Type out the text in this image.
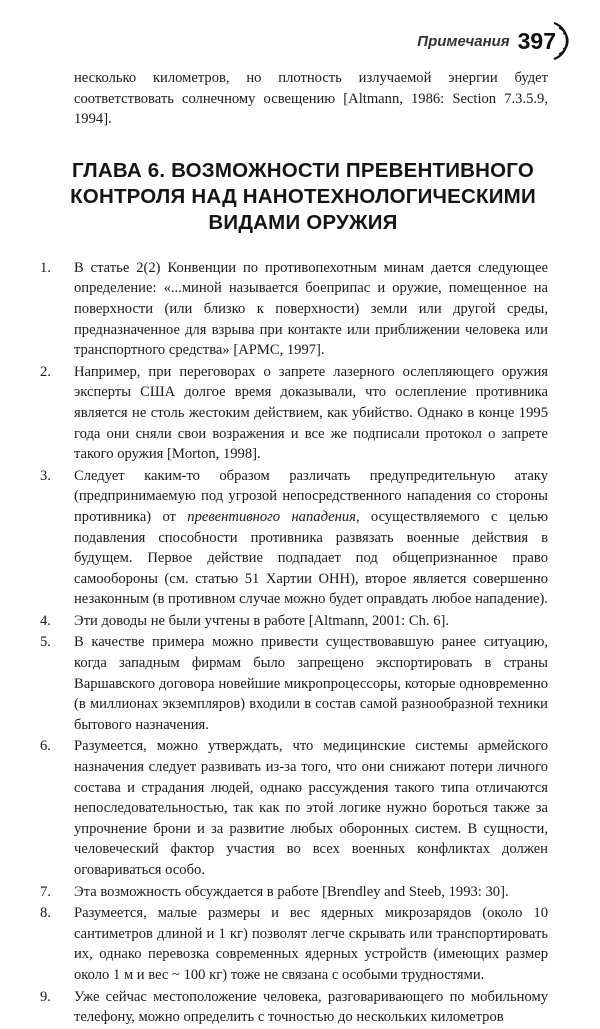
Примечания 397

несколько километров, но плотность излучаемой энергии будет соответствовать солнечному освещению [Altmann, 1986: Section 7.3.5.9, 1994].

ГЛАВА 6. ВОЗМОЖНОСТИ ПРЕВЕНТИВНОГО КОНТРОЛЯ НАД НАНОТЕХНОЛОГИЧЕСКИМИ ВИДАМИ ОРУЖИЯ
1.	В статье 2(2) Конвенции по противопехотным минам дается следующее определение: «...миной называется боеприпас и оружие, помещенное на поверхности (или близко к поверхности) земли или другой среды, предназначенное для взрыва при контакте или приближении человека или транспортного средства» [АРМС, 1997].
2.	Например, при переговорах о запрете лазерного ослепляющего оружия эксперты США долгое время доказывали, что ослепление противника является не столь жестоким действием, как убийство. Однако в конце 1995 года они сняли свои возражения и все же подписали протокол о запрете такого оружия [Morton, 1998].
3.	Следует каким-то образом различать предупредительную атаку (предпринимаемую под угрозой непосредственного нападения со стороны противника) от превентивного нападения, осуществляемого с целью подавления способности противника развязать военные действия в будущем. Первое действие подпадает под общепризнанное право самообороны (см. статью 51 Хартии ОНН), второе является совершенно незаконным (в противном случае можно будет оправдать любое нападение).
4.	Эти доводы не были учтены в работе [Altmann, 2001: Ch. 6].
5.	В качестве примера можно привести существовавшую ранее ситуацию, когда западным фирмам было запрещено экспортировать в страны Варшавского договора новейшие микропроцессоры, которые одновременно (в миллионах экземпляров) входили в состав самой разнообразной техники бытового назначения.
6.	Разумеется, можно утверждать, что медицинские системы армейского назначения следует развивать из-за того, что они снижают потери личного состава и страдания людей, однако рассуждения такого типа отличаются непоследовательностью, так как по этой логике нужно бороться также за упрочнение брони и за развитие любых оборонных систем. В сущности, человеческий фактор участия во всех военных конфликтах должен оговариваться особо.
7.	Эта возможность обсуждается в работе [Brendley and Steeb, 1993: 30].
8.	Разумеется, малые размеры и вес ядерных микрозарядов (около 10 сантиметров длиной и 1 кг) позволят легче скрывать или транспортировать их, однако перевозка современных ядерных устройств (имеющих размер около 1 м и вес ~ 100 кг) тоже не связана с особыми трудностями.
9.	Уже сейчас местоположение человека, разговаривающего по мобильному телефону, можно определить с точностью до нескольких километров
